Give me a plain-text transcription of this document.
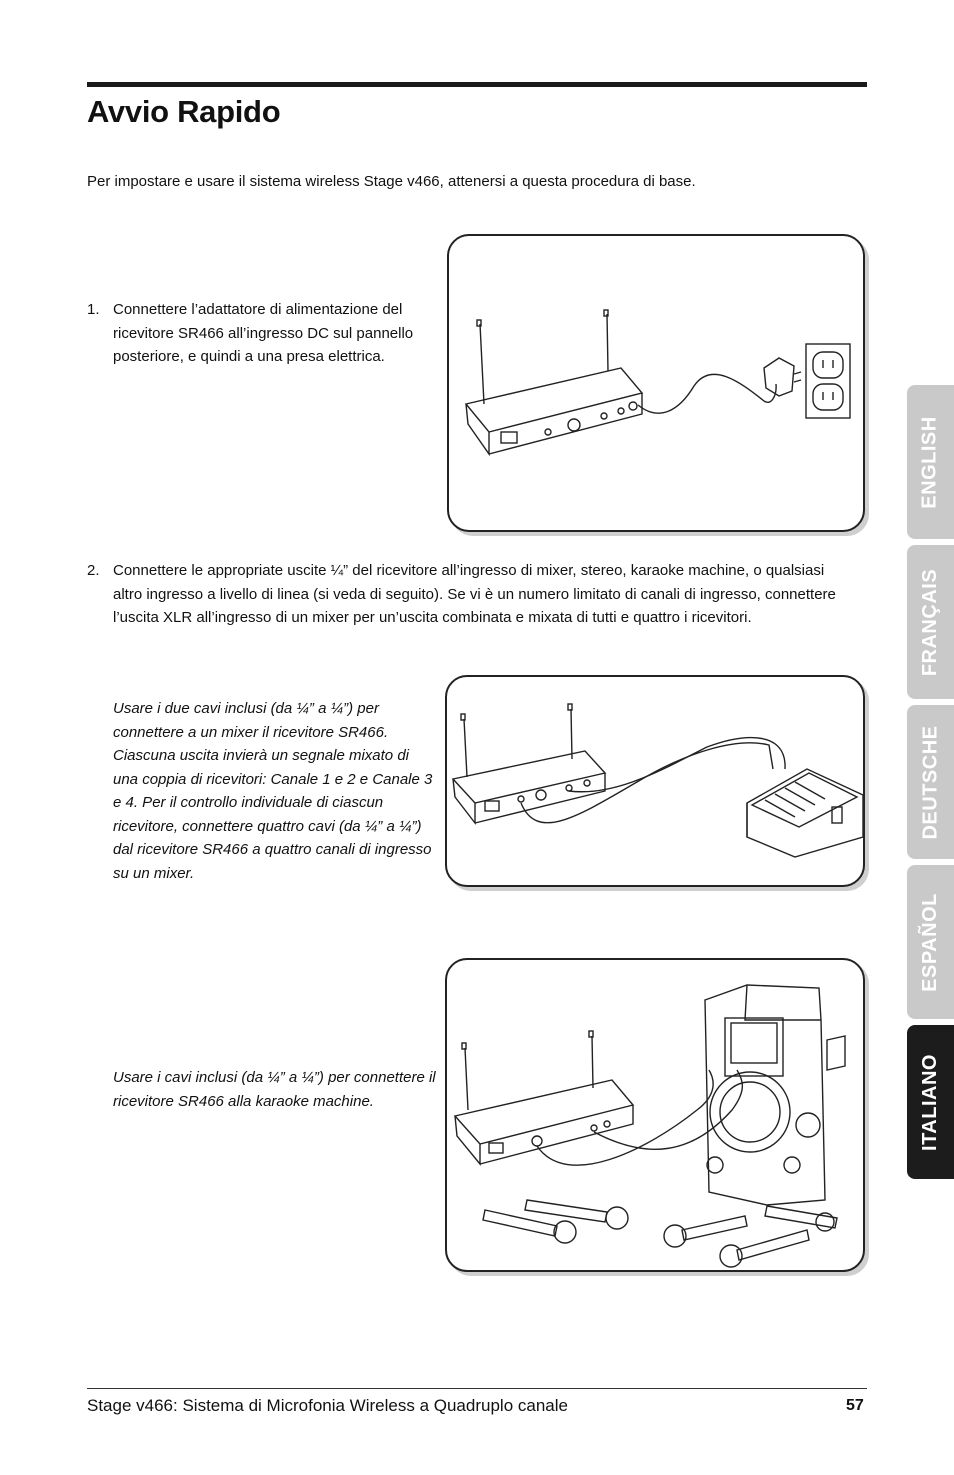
Avvio Rapido

Per impostare e usare il sistema wireless Stage v466, attenersi a questa procedura di base.

1. Connettere l’adattatore di alimentazione del ricevitore SR466 all’ingresso DC sul pannello posteriore, e quindi a una presa elettrica.

2. Connettere le appropriate uscite ¼” del ricevitore all’ingresso di mixer, stereo, karaoke machine, o qualsiasi altro ingresso a livello di linea (si veda di seguito). Se vi è un numero limitato di canali di ingresso, connettere l’uscita XLR all’ingresso di un mixer per un’uscita combinata e mixata di tutti e quattro i ricevitori.

Usare i due cavi inclusi (da ¼” a ¼”) per connettere a un mixer il ricevitore SR466. Ciascuna uscita invierà un segnale mixato di una coppia di ricevitori: Canale 1 e 2 e Canale 3 e 4. Per il controllo individuale di ciascun ricevitore, connettere quattro cavi (da ¼” a ¼”) dal ricevitore SR466 a quattro canali di ingresso su un mixer.

Usare i cavi inclusi (da ¼” a ¼”) per connettere il ricevitore SR466 alla karaoke machine.

ENGLISH
FRANÇAIS
DEUTSCHE
ESPAÑOL
ITALIANO

Stage v466: Sistema di Microfonia Wireless a Quadruplo canale	57
